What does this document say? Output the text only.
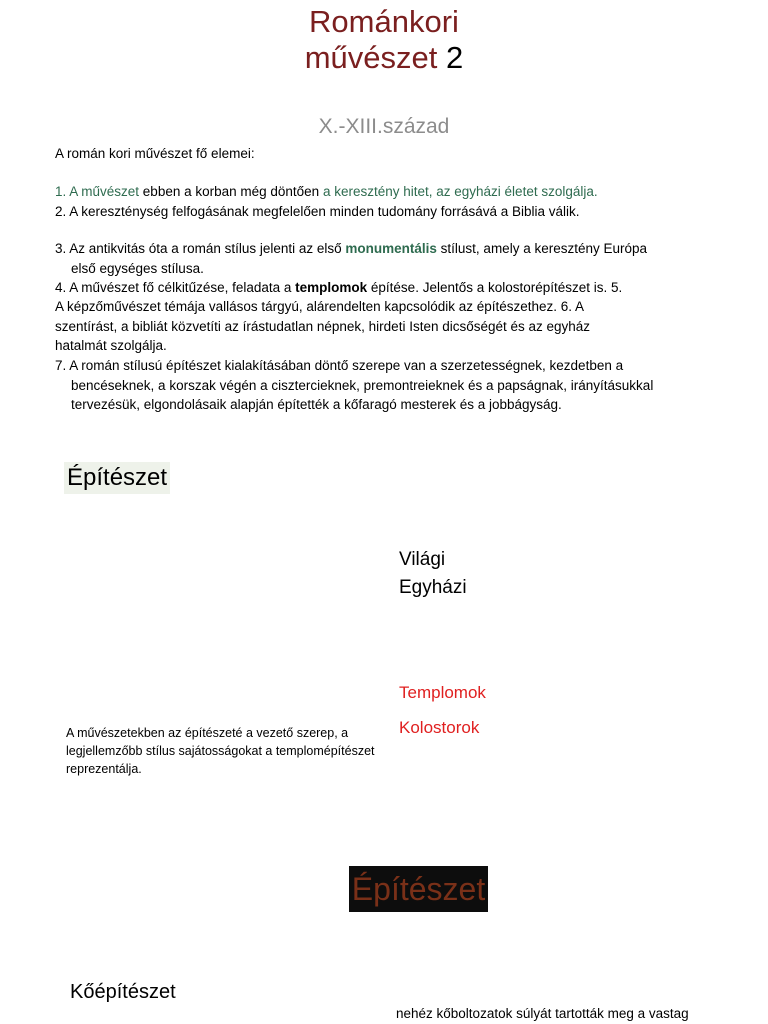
Románkori
művészet 2
X.-XIII.század
A román kori művészet fő elemei:
1. A művészet ebben a korban még döntően a keresztény hitet, az egyházi életet szolgálja.
2. A kereszténység felfogásának megfelelően minden tudomány forrásává a Biblia válik.
3. Az antikvitás óta a román stílus jelenti az első monumentális stílust, amely a keresztény Európa
első egységes stílusa.
4. A művészet fő célkitűzése, feladata a templomok építése. Jelentős a kolostorépítészet is. 5.
A képzőművészet témája vallásos tárgyú, alárendelten kapcsolódik az építészethez. 6. A
szentírást, a bibliát közvetíti az írástudatlan népnek, hirdeti Isten dicsőségét és az egyház
hatalmát szolgálja.
7. A román stílusú építészet kialakításában döntő szerepe van a szerzetességnek, kezdetben a
bencéseknek, a korszak végén a cisztercieknek, premontreieknek és a papságnak, irányításukkal
tervezésük, elgondolásaik alapján építették a kőfaragó mesterek és a jobbágyság.
Építészet
Világi
Egyházi
Templomok
Kolostorok
A művészetekben az építészeté a vezető szerep, a legjellemzőbb stílus sajátosságokat a templomépítészet reprezentálja.
Építészet
Kőépítészet
nehéz kőboltozatok súlyát tartották meg a vastag
